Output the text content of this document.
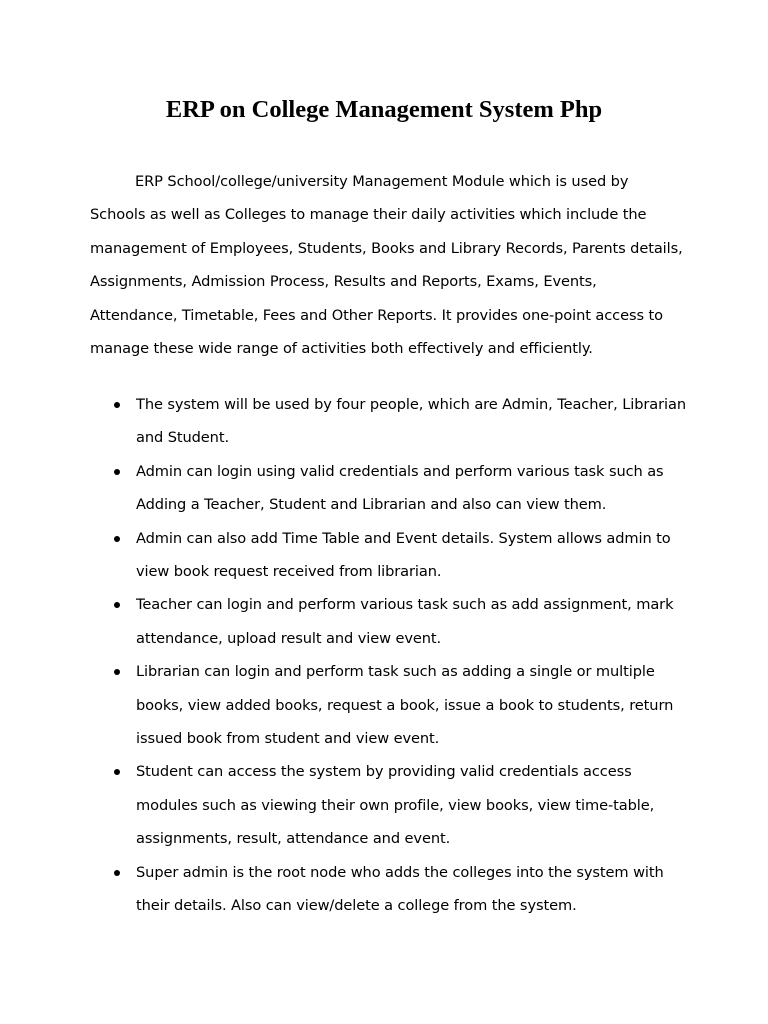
ERP on College Management System Php

ERP School/college/university Management Module which is used by Schools as well as Colleges to manage their daily activities which include the management of Employees, Students, Books and Library Records, Parents details, Assignments, Admission Process, Results and Reports, Exams, Events, Attendance, Timetable, Fees and Other Reports. It provides one-point access to manage these wide range of activities both effectively and efficiently.

The system will be used by four people, which are Admin, Teacher, Librarian and Student.
Admin can login using valid credentials and perform various task such as Adding a Teacher, Student and Librarian and also can view them.
Admin can also add Time Table and Event details. System allows admin to view book request received from librarian.
Teacher can login and perform various task such as add assignment, mark attendance, upload result and view event.
Librarian can login and perform task such as adding a single or multiple books, view added books, request a book, issue a book to students, return issued book from student and view event.
Student can access the system by providing valid credentials access modules such as viewing their own profile, view books, view time-table, assignments, result, attendance and event.
Super admin is the root node who adds the colleges into the system with their details. Also can view/delete a college from the system.
